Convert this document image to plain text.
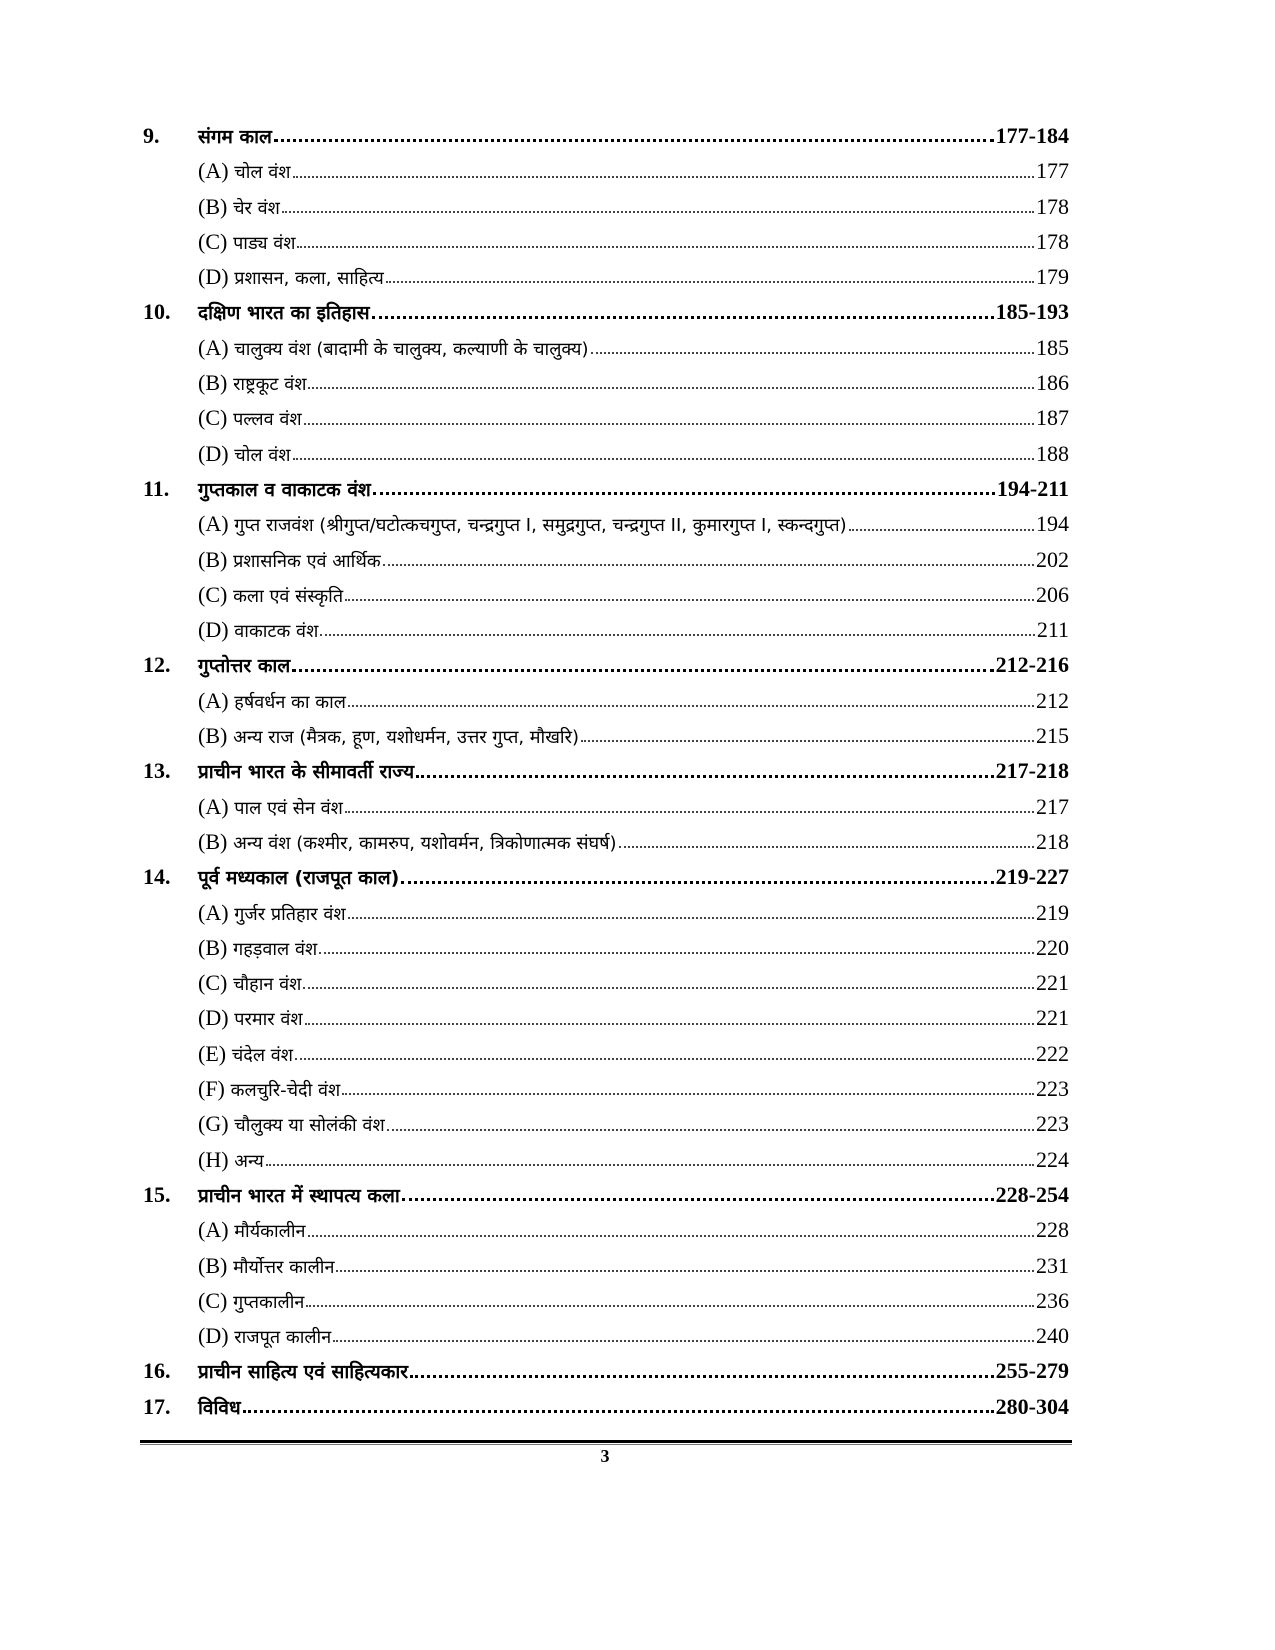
9.	संगम काल	177-184
(A) चोल वंश	177
(B) चेर वंश	178
(C) पाड्य वंश	178
(D) प्रशासन, कला, साहित्य	179
10.	दक्षिण भारत का इतिहास	185-193
(A) चालुक्य वंश (बादामी के चालुक्य, कल्याणी के चालुक्य)	185
(B) राष्ट्रकूट वंश	186
(C) पल्लव वंश	187
(D) चोल वंश	188
11.	गुप्तकाल व वाकाटक वंश	194-211
(A) गुप्त राजवंश (श्रीगुप्त/घटोत्कचगुप्त, चन्द्रगुप्त I, समुद्रगुप्त, चन्द्रगुप्त II, कुमारगुप्त I, स्कन्दगुप्त)	194
(B) प्रशासनिक एवं आर्थिक	202
(C) कला एवं संस्कृति	206
(D) वाकाटक वंश	211
12.	गुप्तोत्तर काल	212-216
(A) हर्षवर्धन का काल	212
(B) अन्य राज (मैत्रक, हूण, यशोधर्मन, उत्तर गुप्त, मौखरि)	215
13.	प्राचीन भारत के सीमावर्ती राज्य	217-218
(A) पाल एवं सेन वंश	217
(B) अन्य वंश (कश्मीर, कामरुप, यशोवर्मन, त्रिकोणात्मक संघर्ष)	218
14.	पूर्व मध्यकाल (राजपूत काल)	219-227
(A) गुर्जर प्रतिहार वंश	219
(B) गहड़वाल वंश	220
(C) चौहान वंश	221
(D) परमार वंश	221
(E) चंदेल वंश	222
(F) कलचुरि-चेदी वंश	223
(G) चौलुक्य या सोलंकी वंश	223
(H) अन्य	224
15.	प्राचीन भारत में स्थापत्य कला	228-254
(A) मौर्यकालीन	228
(B) मौर्योत्तर कालीन	231
(C) गुप्तकालीन	236
(D) राजपूत कालीन	240
16.	प्राचीन साहित्य एवं साहित्यकार	255-279
17.	विविध	280-304
3
